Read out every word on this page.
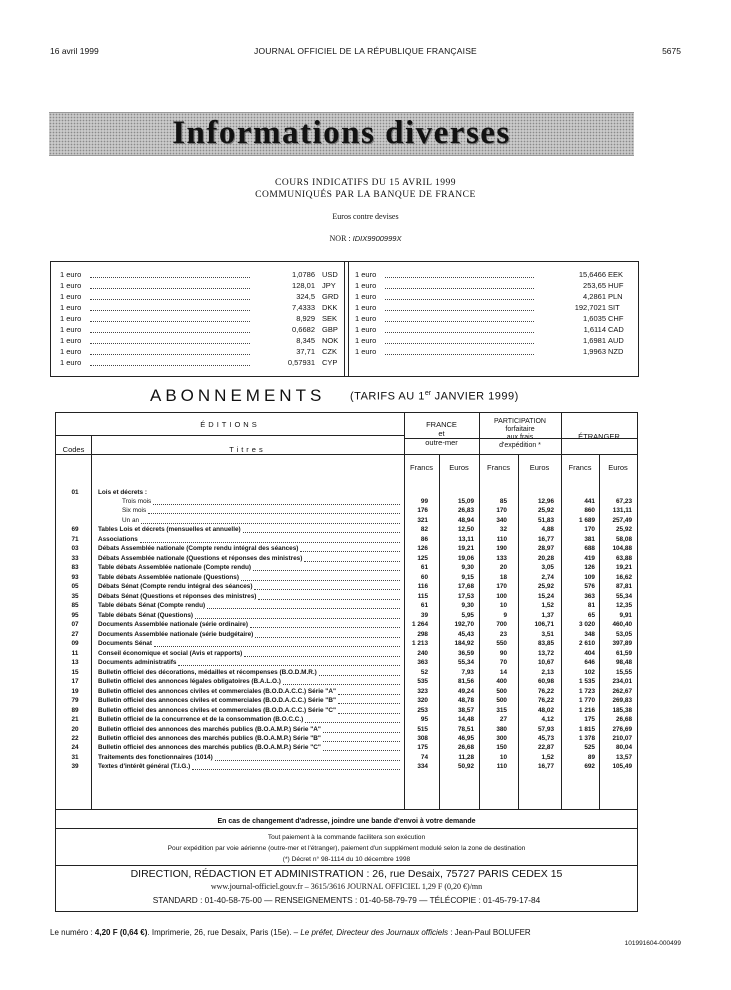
16 avril 1999	JOURNAL OFFICIEL DE LA RÉPUBLIQUE FRANÇAISE	5675
Informations diverses
COURS INDICATIFS DU 15 AVRIL 1999
COMMUNIQUÉS PAR LA BANQUE DE FRANCE
Euros contre devises
NOR : IDIX9900999X
1 euro	1,0786 USD
1 euro	128,01 JPY
1 euro	324,5 GRD
1 euro	7,4333 DKK
1 euro	8,929 SEK
1 euro	0,6682 GBP
1 euro	8,345 NOK
1 euro	37,71 CZK
1 euro	0,57931 CYP
1 euro	15,6466 EEK
1 euro	253,65 HUF
1 euro	4,2861 PLN
1 euro	192,7021 SIT
1 euro	1,6035 CHF
1 euro	1,6114 CAD
1 euro	1,6981 AUD
1 euro	1,9963 NZD
ABONNEMENTS (TARIFS AU 1er JANVIER 1999)
ÉDITIONS
Codes	Titres
FRANCE
et
outre-mer
PARTICIPATION
forfaitaire
aux frais
d'expédition *
ÉTRANGER
Francs	Euros	Francs	Euros	Francs	Euros
01	Lois et décrets :
Trois mois	99	15,09	85	12,96	441	67,23
Six mois	176	26,83	170	25,92	860	131,11
Un an	321	48,94	340	51,83	1 689	257,49
69	Tables Lois et décrets (mensuelles et annuelle)	82	12,50	32	4,88	170	25,92
71	Associations	86	13,11	110	16,77	381	58,08
03	Débats Assemblée nationale (Compte rendu intégral des séances)	126	19,21	190	28,97	688	104,88
33	Débats Assemblée nationale (Questions et réponses des ministres)	125	19,06	133	20,28	419	63,88
83	Table débats Assemblée nationale (Compte rendu)	61	9,30	20	3,05	126	19,21
93	Table débats Assemblée nationale (Questions)	60	9,15	18	2,74	109	16,62
05	Débats Sénat (Compte rendu intégral des séances)	116	17,68	170	25,92	576	87,81
35	Débats Sénat (Questions et réponses des ministres)	115	17,53	100	15,24	363	55,34
85	Table débats Sénat (Compte rendu)	61	9,30	10	1,52	81	12,35
95	Table débats Sénat (Questions)	39	5,95	9	1,37	65	9,91
07	Documents Assemblée nationale (série ordinaire)	1 264	192,70	700	106,71	3 020	460,40
27	Documents Assemblée nationale (série budgétaire)	298	45,43	23	3,51	348	53,05
09	Documents Sénat	1 213	184,92	550	83,85	2 610	397,89
11	Conseil économique et social (Avis et rapports)	240	36,59	90	13,72	404	61,59
13	Documents administratifs	363	55,34	70	10,67	646	98,48
15	Bulletin officiel des décorations, médailles et récompenses (B.O.D.M.R.)	52	7,93	14	2,13	102	15,55
17	Bulletin officiel des annonces légales obligatoires (B.A.L.O.)	535	81,56	400	60,98	1 535	234,01
19	Bulletin officiel des annonces civiles et commerciales (B.O.D.A.C.C.) Série "A"	323	49,24	500	76,22	1 723	262,67
79	Bulletin officiel des annonces civiles et commerciales (B.O.D.A.C.C.) Série "B"	320	48,78	500	76,22	1 770	269,83
89	Bulletin officiel des annonces civiles et commerciales (B.O.D.A.C.C.) Série "C"	253	38,57	315	48,02	1 216	185,38
21	Bulletin officiel de la concurrence et de la consommation (B.O.C.C.)	95	14,48	27	4,12	175	26,68
20	Bulletin officiel des annonces des marchés publics (B.O.A.M.P.) Série "A"	515	78,51	380	57,93	1 815	276,69
22	Bulletin officiel des annonces des marchés publics (B.O.A.M.P.) Série "B"	308	46,95	300	45,73	1 378	210,07
24	Bulletin officiel des annonces des marchés publics (B.O.A.M.P.) Série "C"	175	26,68	150	22,87	525	80,04
31	Traitements des fonctionnaires (1014)	74	11,28	10	1,52	89	13,57
39	Textes d'intérêt général (T.I.G.)	334	50,92	110	16,77	692	105,49
En cas de changement d'adresse, joindre une bande d'envoi à votre demande
Tout paiement à la commande facilitera son exécution
Pour expédition par voie aérienne (outre-mer et l'étranger), paiement d'un supplément modulé selon la zone de destination
(*) Décret n° 98-1114 du 10 décembre 1998
DIRECTION, RÉDACTION ET ADMINISTRATION : 26, rue Desaix, 75727 PARIS CEDEX 15
www.journal-officiel.gouv.fr – 3615/3616 JOURNAL OFFICIEL 1,29 F (0,20 €)/mn
STANDARD : 01-40-58-75-00 — RENSEIGNEMENTS : 01-40-58-79-79 — TÉLÉCOPIE : 01-45-79-17-84
Le numéro : 4,20 F (0,64 €). Imprimerie, 26, rue Desaix, Paris (15e). – Le préfet, Directeur des Journaux officiels : Jean-Paul BOLUFER
101991604-000499
